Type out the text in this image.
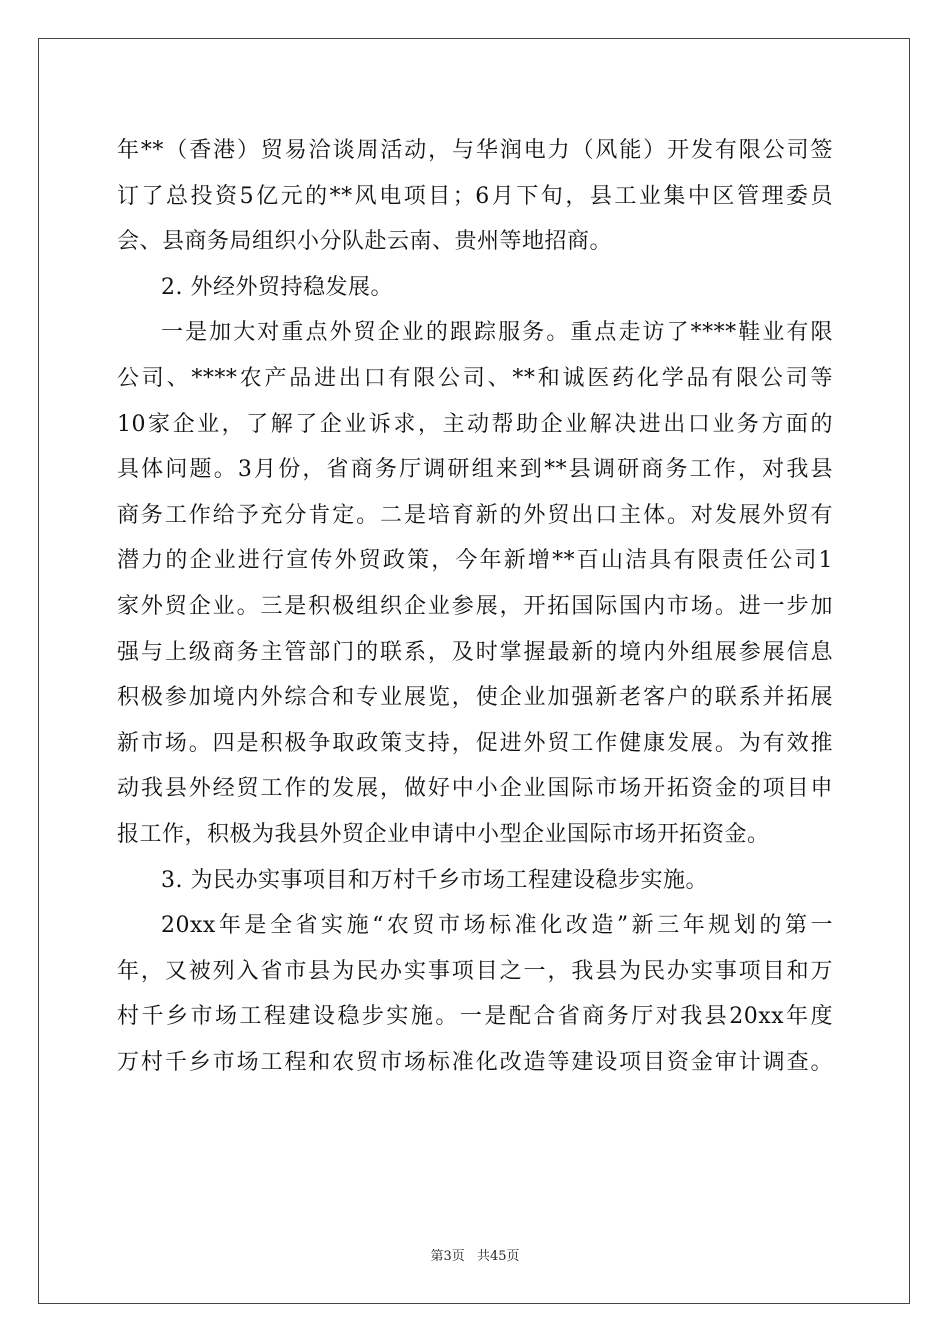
年**（香港）贸易洽谈周活动，与华润电力（风能）开发有限公司签
订了总投资5亿元的**风电项目；6月下旬，县工业集中区管理委员
会、县商务局组织小分队赴云南、贵州等地招商。
2. 外经外贸持稳发展。
一是加大对重点外贸企业的跟踪服务。重点走访了****鞋业有限
公司、****农产品进出口有限公司、**和诚医药化学品有限公司等
10家企业，了解了企业诉求，主动帮助企业解决进出口业务方面的
具体问题。3月份，省商务厅调研组来到**县调研商务工作，对我县
商务工作给予充分肯定。二是培育新的外贸出口主体。对发展外贸有
潜力的企业进行宣传外贸政策，今年新增**百山洁具有限责任公司1
家外贸企业。三是积极组织企业参展，开拓国际国内市场。进一步加
强与上级商务主管部门的联系，及时掌握最新的境内外组展参展信息
积极参加境内外综合和专业展览，使企业加强新老客户的联系并拓展
新市场。四是积极争取政策支持，促进外贸工作健康发展。为有效推
动我县外经贸工作的发展，做好中小企业国际市场开拓资金的项目申
报工作，积极为我县外贸企业申请中小型企业国际市场开拓资金。
3. 为民办实事项目和万村千乡市场工程建设稳步实施。
20xx年是全省实施“农贸市场标准化改造”新三年规划的第一
年，又被列入省市县为民办实事项目之一，我县为民办实事项目和万
村千乡市场工程建设稳步实施。一是配合省商务厅对我县20xx年度
万村千乡市场工程和农贸市场标准化改造等建设项目资金审计调查。
第3页 共45页
